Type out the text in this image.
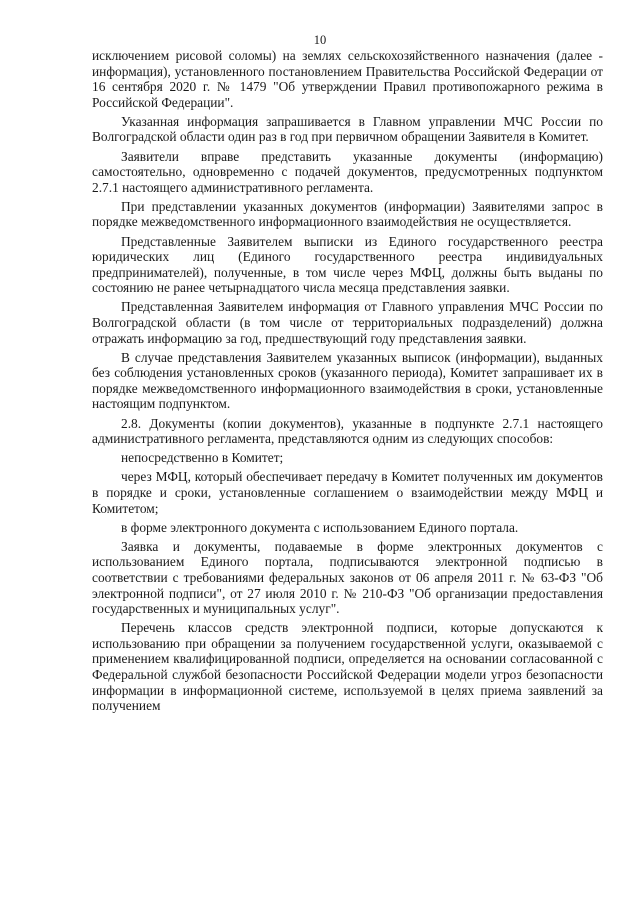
10

исключением рисовой соломы) на землях сельскохозяйственного назначения (далее - информация), установленного постановлением Правительства Российской Федерации от 16 сентября 2020 г. № 1479 "Об утверждении Правил противопожарного режима в Российской Федерации".

Указанная информация запрашивается в Главном управлении МЧС России по Волгоградской области один раз в год при первичном обращении Заявителя в Комитет.

Заявители вправе представить указанные документы (информацию) самостоятельно, одновременно с подачей документов, предусмотренных подпунктом 2.7.1 настоящего административного регламента.

При представлении указанных документов (информации) Заявителями запрос в порядке межведомственного информационного взаимодействия не осуществляется.

Представленные Заявителем выписки из Единого государственного реестра юридических лиц (Единого государственного реестра индивидуальных предпринимателей), полученные, в том числе через МФЦ, должны быть выданы по состоянию не ранее четырнадцатого числа месяца представления заявки.

Представленная Заявителем информация от Главного управления МЧС России по Волгоградской области (в том числе от территориальных подразделений) должна отражать информацию за год, предшествующий году представления заявки.

В случае представления Заявителем указанных выписок (информации), выданных без соблюдения установленных сроков (указанного периода), Комитет запрашивает их в порядке межведомственного информационного взаимодействия в сроки, установленные настоящим подпунктом.

2.8. Документы (копии документов), указанные в подпункте 2.7.1 настоящего административного регламента, представляются одним из следующих способов:

непосредственно в Комитет;

через МФЦ, который обеспечивает передачу в Комитет полученных им документов в порядке и сроки, установленные соглашением о взаимодействии между МФЦ и Комитетом;

в форме электронного документа с использованием Единого портала.

Заявка и документы, подаваемые в форме электронных документов с использованием Единого портала, подписываются электронной подписью в соответствии с требованиями федеральных законов от 06 апреля 2011 г. № 63-ФЗ "Об электронной подписи", от 27 июля 2010 г. № 210-ФЗ "Об организации предоставления государственных и муниципальных услуг".

Перечень классов средств электронной подписи, которые допускаются к использованию при обращении за получением государственной услуги, оказываемой с применением квалифицированной подписи, определяется на основании согласованной с Федеральной службой безопасности Российской Федерации модели угроз безопасности информации в информационной системе, используемой в целях приема заявлений за получением
